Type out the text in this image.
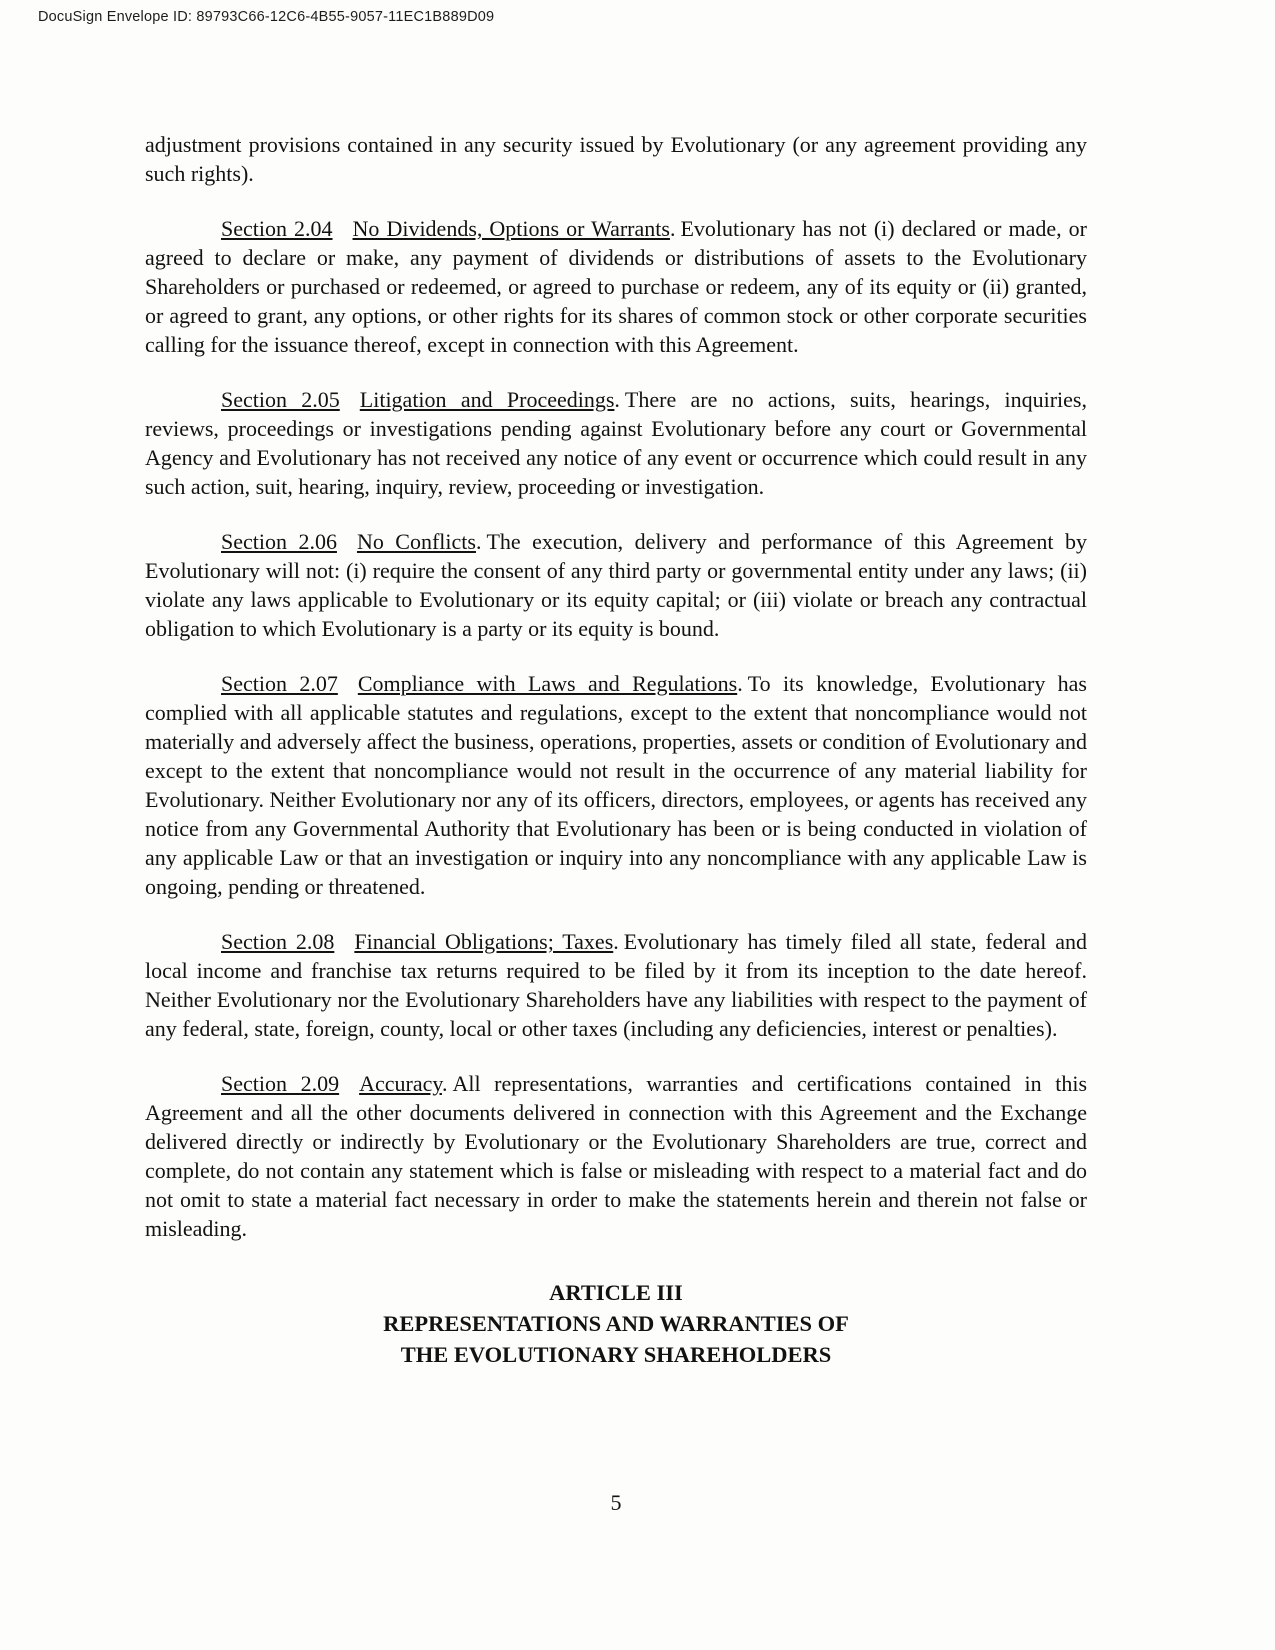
DocuSign Envelope ID: 89793C66-12C6-4B55-9057-11EC1B889D09

adjustment provisions contained in any security issued by Evolutionary (or any agreement providing any such rights).

Section 2.04 No Dividends, Options or Warrants. Evolutionary has not (i) declared or made, or agreed to declare or make, any payment of dividends or distributions of assets to the Evolutionary Shareholders or purchased or redeemed, or agreed to purchase or redeem, any of its equity or (ii) granted, or agreed to grant, any options, or other rights for its shares of common stock or other corporate securities calling for the issuance thereof, except in connection with this Agreement.

Section 2.05 Litigation and Proceedings. There are no actions, suits, hearings, inquiries, reviews, proceedings or investigations pending against Evolutionary before any court or Governmental Agency and Evolutionary has not received any notice of any event or occurrence which could result in any such action, suit, hearing, inquiry, review, proceeding or investigation.

Section 2.06 No Conflicts. The execution, delivery and performance of this Agreement by Evolutionary will not: (i) require the consent of any third party or governmental entity under any laws; (ii) violate any laws applicable to Evolutionary or its equity capital; or (iii) violate or breach any contractual obligation to which Evolutionary is a party or its equity is bound.

Section 2.07 Compliance with Laws and Regulations. To its knowledge, Evolutionary has complied with all applicable statutes and regulations, except to the extent that noncompliance would not materially and adversely affect the business, operations, properties, assets or condition of Evolutionary and except to the extent that noncompliance would not result in the occurrence of any material liability for Evolutionary. Neither Evolutionary nor any of its officers, directors, employees, or agents has received any notice from any Governmental Authority that Evolutionary has been or is being conducted in violation of any applicable Law or that an investigation or inquiry into any noncompliance with any applicable Law is ongoing, pending or threatened.

Section 2.08 Financial Obligations; Taxes. Evolutionary has timely filed all state, federal and local income and franchise tax returns required to be filed by it from its inception to the date hereof. Neither Evolutionary nor the Evolutionary Shareholders have any liabilities with respect to the payment of any federal, state, foreign, county, local or other taxes (including any deficiencies, interest or penalties).

Section 2.09 Accuracy. All representations, warranties and certifications contained in this Agreement and all the other documents delivered in connection with this Agreement and the Exchange delivered directly or indirectly by Evolutionary or the Evolutionary Shareholders are true, correct and complete, do not contain any statement which is false or misleading with respect to a material fact and do not omit to state a material fact necessary in order to make the statements herein and therein not false or misleading.

ARTICLE III
REPRESENTATIONS AND WARRANTIES OF
THE EVOLUTIONARY SHAREHOLDERS
5
